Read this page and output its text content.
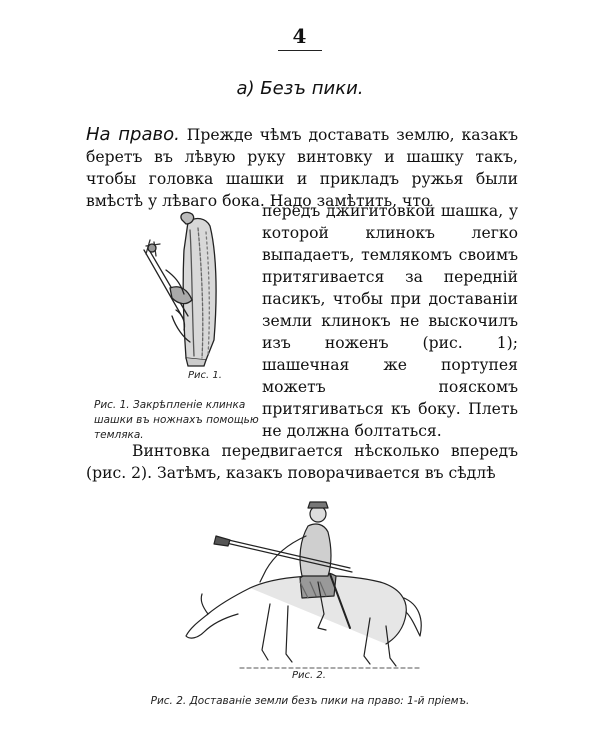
4
а) Безъ пики.
На право. Прежде чѣмъ доставать землю, казакъ беретъ въ лѣвую руку винтовку и шашку такъ, чтобы головка шашки и прикладъ ружья были вмѣстѣ у лѣваго бока. Надо замѣтить, что
Рис. 1.
передъ джигитовкой шашка, у которой клинокъ легко выпадаетъ, темлякомъ своимъ притягивается за передній пасикъ, чтобы при доставаніи земли клинокъ не выскочилъ изъ ноженъ (рис. 1); шашечная же портупея можетъ пояскомъ притягиваться къ боку. Плеть не должна болтаться.
Рис. 1. Закрѣпленіе клинка шашки въ ножнахъ помощью темляка.
Винтовка передвигается нѣсколько впередъ (рис. 2). Затѣмъ, казакъ поворачивается въ сѣдлѣ
Рис. 2.
Рис. 2. Доставаніе земли безъ пики на право: 1-й пріемъ.
